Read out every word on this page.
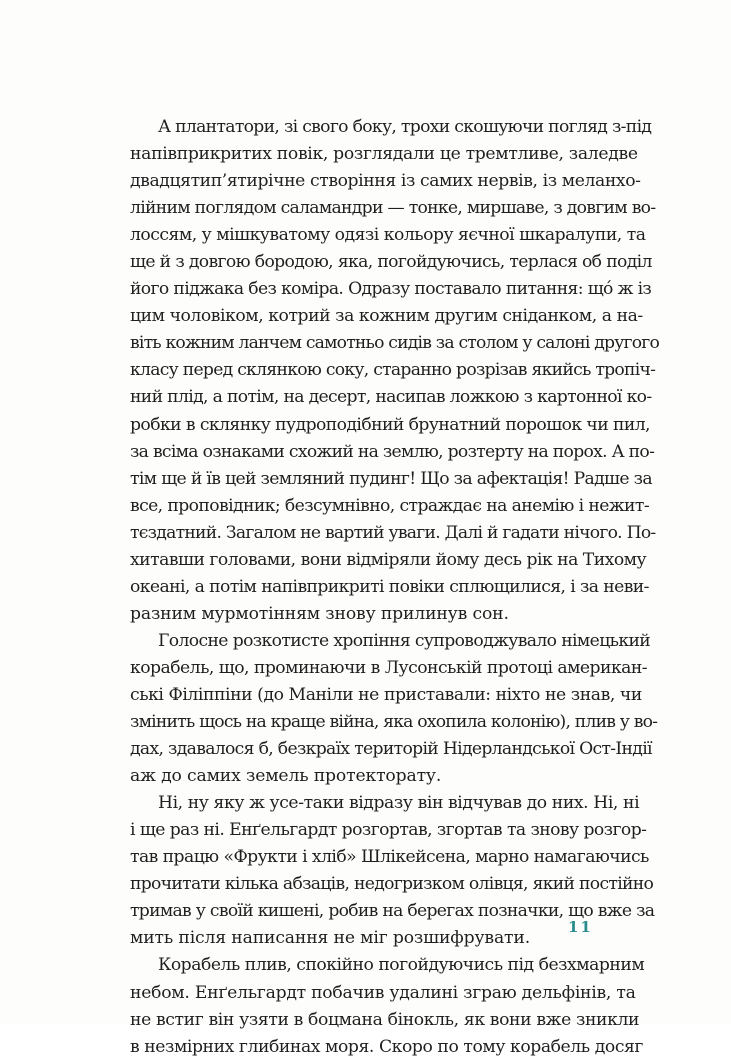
А плантатори, зі свого боку, трохи скошуючи погляд з-під
напівприкритих повік, розглядали це тремтливе, заледве
двадцятип’ятирічне створіння із самих нервів, із меланхо-
лійним поглядом саламандри — тонке, миршаве, з довгим во-
лоссям, у мішкуватому одязі кольору яєчної шкаралупи, та
ще й з довгою бородою, яка, погойдуючись, терлася об поділ
його піджака без коміра. Одразу поставало питання: щó ж із
цим чоловіком, котрий за кожним другим сніданком, а на-
віть кожним ланчем самотньо сидів за столом у салоні другого
класу перед склянкою соку, старанно розрізав якийсь тропіч-
ний плід, а потім, на десерт, насипав ложкою з картонної ко-
робки в склянку пудроподібний брунатний порошок чи пил,
за всіма ознаками схожий на землю, розтерту на порох. А по-
тім ще й їв цей земляний пудинг! Що за афектація! Радше за
все, проповідник; безсумнівно, страждає на анемію і нежит-
тєздатний. Загалом не вартий уваги. Далі й гадати нічого. По-
хитавши головами, вони відміряли йому десь рік на Тихому
океані, а потім напівприкриті повіки сплющилися, і за неви-
разним мурмотінням знову прилинув сон.
Голосне розкотисте хропіння супроводжувало німецький
корабель, що, проминаючи в Лусонській протоці американ-
ські Філіппіни (до Маніли не приставали: ніхто не знав, чи
змінить щось на краще війна, яка охопила колонію), плив у во-
дах, здавалося б, безкраїх територій Нідерландської Ост-Індії
аж до самих земель протекторату.
Ні, ну яку ж усе-таки відразу він відчував до них. Ні, ні
і ще раз ні. Енґельгардт розгортав, згортав та знову розгор-
тав працю «Фрукти і хліб» Шлікейсена, марно намагаючись
прочитати кілька абзаців, недогризком олівця, який постійно
тримав у своїй кишені, робив на берегах позначки, що вже за
мить після написання не міг розшифрувати.
Корабель плив, спокійно погойдуючись під безхмарним
небом. Енґельгардт побачив удалині зграю дельфінів, та
не встиг він узяти в боцмана бінокль, як вони вже зникли
в незмірних глибинах моря. Скоро по тому корабель досяг
11
